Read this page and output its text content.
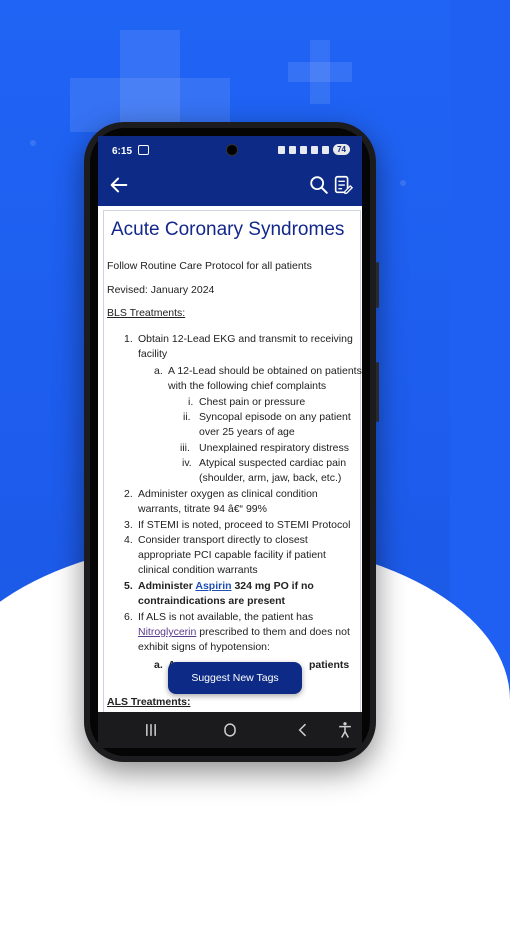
6:15	74
Acute Coronary Syndromes
Follow Routine Care Protocol for all patients
Revised: January 2024
BLS Treatments:
1. Obtain 12-Lead EKG and transmit to receiving
facility
a. A 12-Lead should be obtained on patients
with the following chief complaints
i. Chest pain or pressure
ii. Syncopal episode on any patient
over 25 years of age
iii. Unexplained respiratory distress
iv. Atypical suspected cardiac pain
(shoulder, arm, jaw, back, etc.)
2. Administer oxygen as clinical condition
warrants, titrate 94 â€“ 99%
3. If STEMI is noted, proceed to STEMI Protocol
4. Consider transport directly to closest
appropriate PCI capable facility if patient
clinical condition warrants
5. Administer Aspirin 324 mg PO if no
contraindications are present
6. If ALS is not available, the patient has
Nitroglycerin prescribed to them and does not
exhibit signs of hypotension:
a.	patients
ALS Treatments:
Suggest New Tags
